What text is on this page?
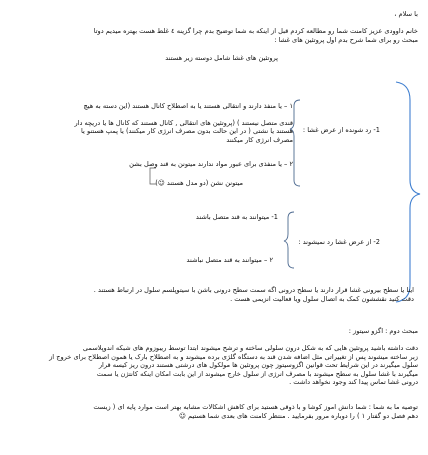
با سلام ،
خانم داوودی عزیز کامنت شما رو مطالعه کردم قبل از اینکه به شما توضیح بدم چرا گزینه ٤ غلط هست بهتره میدیم دوتا
مبحث رو برای شما شرح بدم اول پروتئین های غشا :
پروتئین های غشا شامل دوسته زیر هستند
1- رد شونده از عرض غشا :
۱ – یا منفذ دارند و انتقالی هستند یا به اصطلاح کانال هستند (این دسته به هیچ
قندی متصل نیستند ) (پروتئین های انتقالی , کانال هستند که کانال ها یا دریچه دار
هستند یا نشتی ( در این حالت بدون مصرف انرژی کار میکنند) یا پمپ هستنو یا
مصرف انرژی کار میکنند
۲ – یا منفذی برای عبور مواد ندارند میتونن به قند وصل بشن
میتونن نشن (دو مدل هستند ☺)
2- از عرض غشا رد نمیشوند :
1- میتوانند به قند متصل باشند
۲ – میتوانند به قند متصل نباشند
اینا یا سطح بیرونی غشا قرار دارند یا سطح درونی اگه سمت سطح درونی باشن با سیتوپلسم سلول در ارتباط هستند .
دقت کنید نقششون کمک به اتصال سلول ویا فعالیت انزیمی هست .
مبحث دوم : اگزو سیتوز :
دقت داشته باشید پروتئین هایی که به شکل درون سلولی ساخته و ترشح میشوند ابتدا توسط ریبوزوم های شبکه اندوپلاسمی
زبر ساخته میشوند پس از تغییراتی مثل اضافه شدن قند به دستگاه گلژی برده میشوند و به اصطلاح بارک یا همون اصطلاح برای خروج از
سلول میگیرند در این شرایط تحت قوانین اگزوسیتوز چون پروتئین ها مولکول های درشتی هستند درون ریز کیسه قرار
میگیرند با غشا سلول به سطح میشوند با مصرف انرژی از سلول خارج میشوند از این بابت امکان اینکه کانتژن یا سمت
درونی غشا تماس پیدا کند وجود نخواهد داشت .
توصیه ما به شما : شما دانش اموز کوشا و با ذوقی هستید برای کاهش اشکالات مشابه بهتر است موارد پایه ای ( زیست
دهم فصل دو گفتار ۱ ) را دوباره مرور بفرمایید . منتظر کامنت های بعدی شما هستیم ☺
